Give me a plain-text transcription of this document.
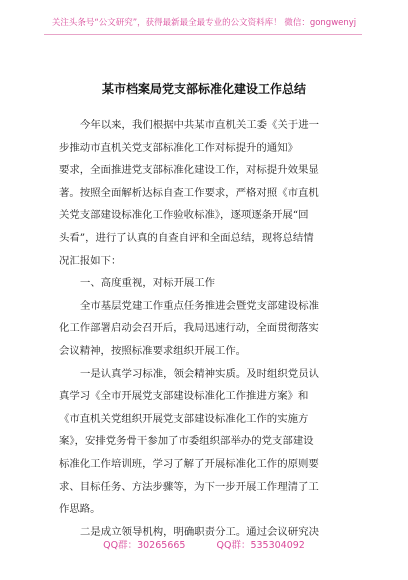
关注头条号“公文研究”，获得最新最全最专业的公文资料库！ 微信：gongwenyj
某市档案局党支部标准化建设工作总结
今年以来，我们根据中共某市直机关工委《关于进一
步推动市直机关党支部标准化工作对标提升的通知》
要求，全面推进党支部标准化建设工作，对标提升效果显
著。按照全面解析达标自查工作要求，严格对照《市直机
关党支部建设标准化工作验收标准》，逐项逐条开展“回
头看”，进行了认真的自查自评和全面总结，现将总结情
况汇报如下：
一、高度重视，对标开展工作
全市基层党建工作重点任务推进会暨党支部建设标准
化工作部署启动会召开后，我局迅速行动，全面贯彻落实
会议精神，按照标准要求组织开展工作。
一是认真学习标准，领会精神实质。及时组织党员认
真学习《全市开展党支部建设标准化工作推进方案》和
《市直机关党组织开展党支部建设标准化工作的实施方
案》，安排党务骨干参加了市委组织部举办的党支部建设
标准化工作培训班，学习了解了开展标准化工作的原则要
求、目标任务、方法步骤等，为下一步开展工作理清了工
作思路。
二是成立领导机构，明确职责分工。通过会议研究决
QQ群：30265665	QQ群：535304092
